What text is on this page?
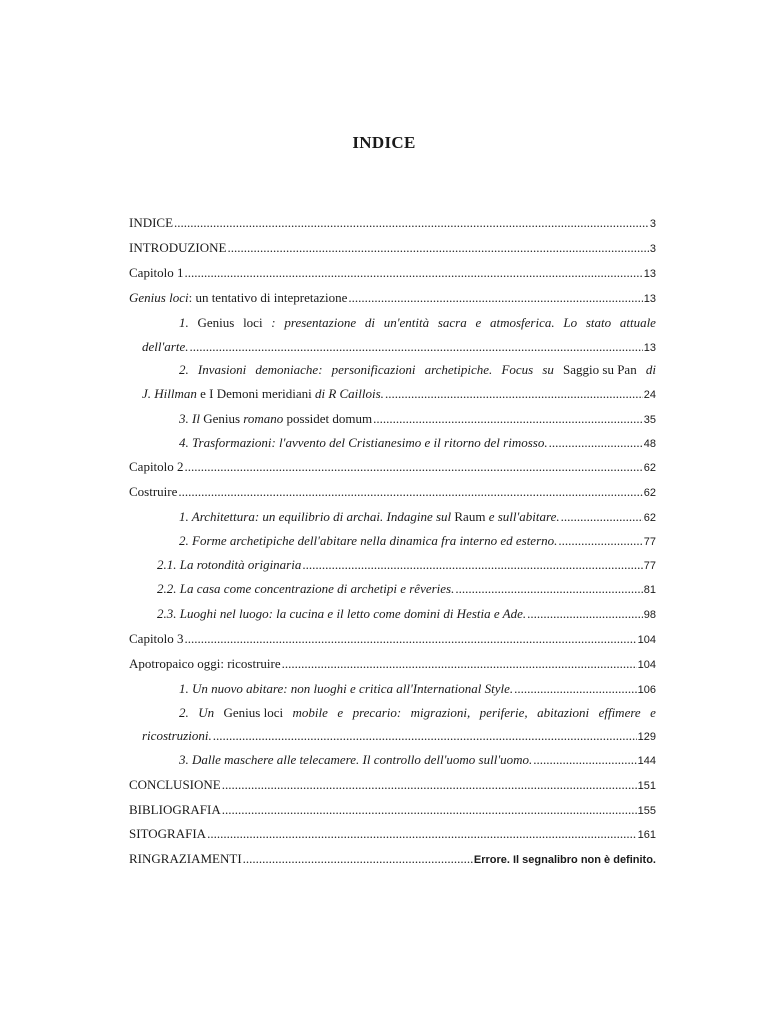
INDICE
INDICE .....	3
INTRODUZIONE .....	3
Capitolo 1 .....	13
Genius loci: un tentativo di intepretazione .....	13
1. Genius loci : presentazione di un'entità sacra e atmosferica. Lo stato attuale
dell'arte. .....	13
2. Invasioni demoniache: personificazioni archetipiche. Focus su Saggio su Pan di
J. Hillman e I Demoni meridiani di R Caillois. .....	24
3. Il Genius romano possidet domum .....	35
4. Trasformazioni: l'avvento del Cristianesimo e il ritorno del rimosso. .....	48
Capitolo 2 .....	62
Costruire .....	62
1. Architettura: un equilibrio di archai. Indagine sul Raum e sull'abitare. .....	62
2. Forme archetipiche dell'abitare nella dinamica fra interno ed esterno. .....	77
2.1. La rotondità originaria .....	77
2.2. La casa come concentrazione di archetipi e rêveries. .....	81
2.3. Luoghi nel luogo: la cucina e il letto come domini di Hestia e Ade. .....	98
Capitolo 3 .....	104
Apotropaico oggi: ricostruire .....	104
1. Un nuovo abitare: non luoghi e critica all'International Style. .....	106
2. Un Genius loci mobile e precario: migrazioni, periferie, abitazioni effimere e
ricostruzioni. .....	129
3. Dalle maschere alle telecamere. Il controllo dell'uomo sull'uomo. .....	144
CONCLUSIONE .....	151
BIBLIOGRAFIA .....	155
SITOGRAFIA .....	161
RINGRAZIAMENTI .....	Errore. Il segnalibro non è definito.
